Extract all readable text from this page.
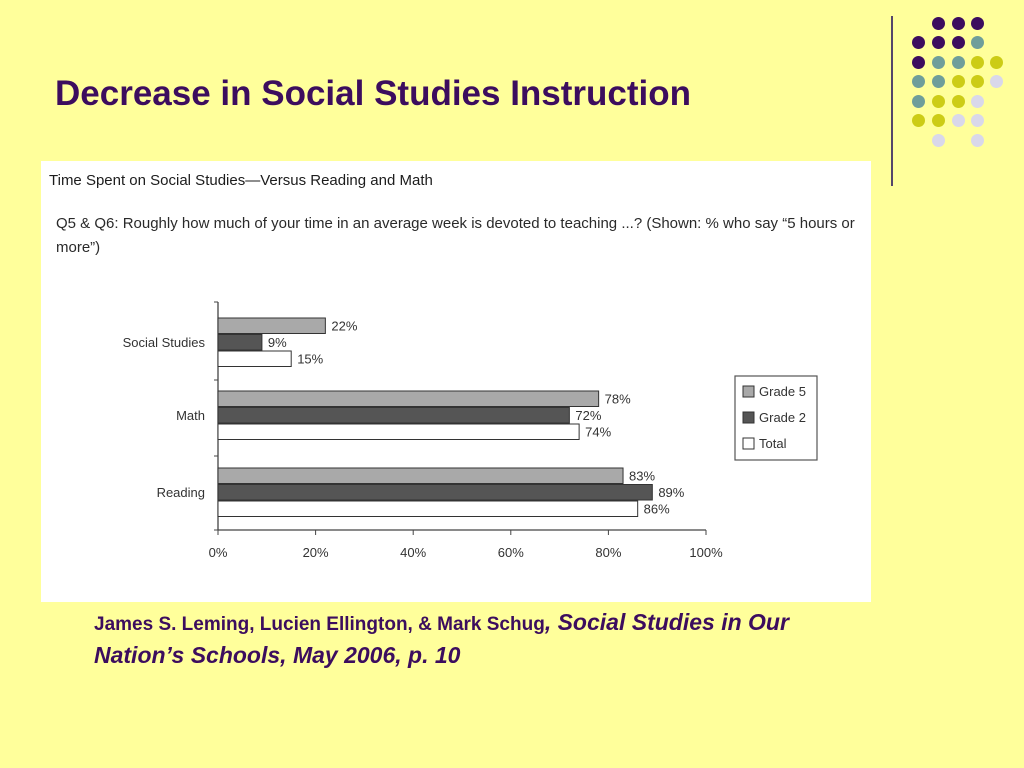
Decrease in Social Studies Instruction

Time Spent on Social Studies—Versus Reading and Math

Q5 & Q6: Roughly how much of your time in an average week is devoted to teaching ...? (Shown: % who say “5 hours or more”)

0%	20%	40%	60%	80%	100%
Social Studies
Math
Reading
22%
9%
15%
78%
72%
74%
83%
89%
86%
Grade 5
Grade 2
Total

James S. Leming, Lucien Ellington, & Mark Schug, Social Studies in Our Nation’s Schools, May 2006, p. 10
